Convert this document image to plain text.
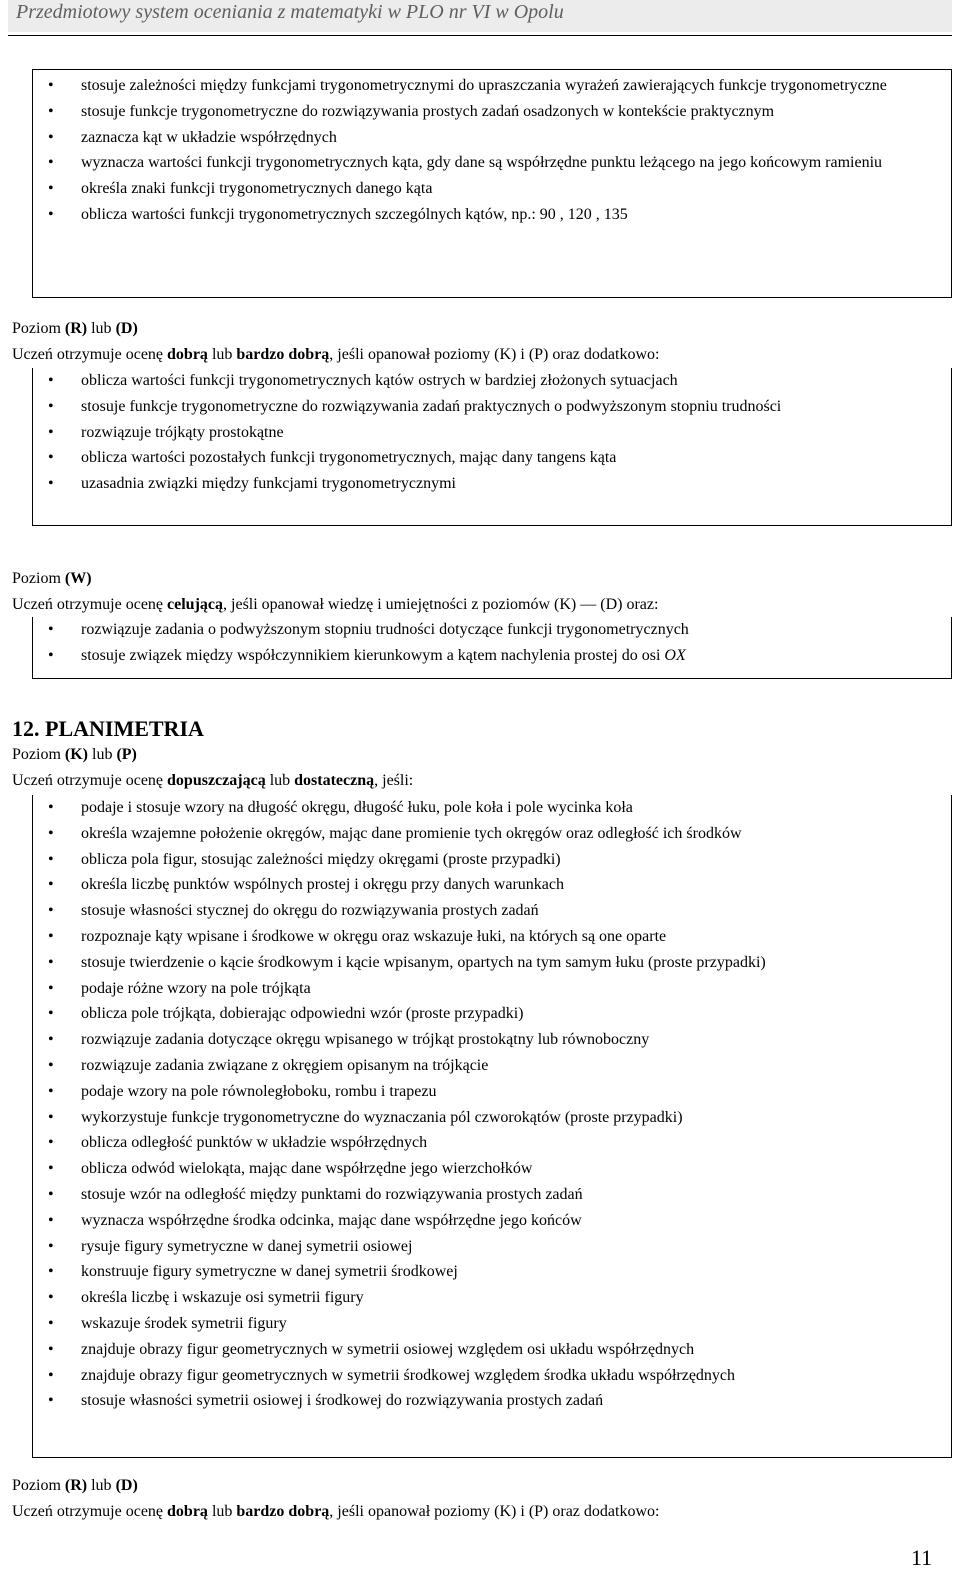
Przedmiotowy system oceniania z matematyki w PLO nr VI w Opolu
• stosuje zależności między funkcjami trygonometrycznymi do upraszczania wyrażeń zawierających funkcje trygonometryczne
• stosuje funkcje trygonometryczne do rozwiązywania prostych zadań osadzonych w kontekście praktycznym
• zaznacza kąt w układzie współrzędnych
• wyznacza wartości funkcji trygonometrycznych kąta, gdy dane są współrzędne punktu leżącego na jego końcowym ramieniu
• określa znaki funkcji trygonometrycznych danego kąta
• oblicza wartości funkcji trygonometrycznych szczególnych kątów, np.: 90 , 120 , 135
Poziom (R) lub (D)
Uczeń otrzymuje ocenę dobrą lub bardzo dobrą, jeśli opanował poziomy (K) i (P) oraz dodatkowo:
• oblicza wartości funkcji trygonometrycznych kątów ostrych w bardziej złożonych sytuacjach
• stosuje funkcje trygonometryczne do rozwiązywania zadań praktycznych o podwyższonym stopniu trudności
• rozwiązuje trójkąty prostokątne
• oblicza wartości pozostałych funkcji trygonometrycznych, mając dany tangens kąta
• uzasadnia związki między funkcjami trygonometrycznymi
Poziom (W)
Uczeń otrzymuje ocenę celującą, jeśli opanował wiedzę i umiejętności z poziomów (K) — (D) oraz:
• rozwiązuje zadania o podwyższonym stopniu trudności dotyczące funkcji trygonometrycznych
• stosuje związek między współczynnikiem kierunkowym a kątem nachylenia prostej do osi OX
12. PLANIMETRIA
Poziom (K) lub (P)
Uczeń otrzymuje ocenę dopuszczającą lub dostateczną, jeśli:
• podaje i stosuje wzory na długość okręgu, długość łuku, pole koła i pole wycinka koła
• określa wzajemne położenie okręgów, mając dane promienie tych okręgów oraz odległość ich środków
• oblicza pola figur, stosując zależności między okręgami (proste przypadki)
• określa liczbę punktów wspólnych prostej i okręgu przy danych warunkach
• stosuje własności stycznej do okręgu do rozwiązywania prostych zadań
• rozpoznaje kąty wpisane i środkowe w okręgu oraz wskazuje łuki, na których są one oparte
• stosuje twierdzenie o kącie środkowym i kącie wpisanym, opartych na tym samym łuku (proste przypadki)
• podaje różne wzory na pole trójkąta
• oblicza pole trójkąta, dobierając odpowiedni wzór (proste przypadki)
• rozwiązuje zadania dotyczące okręgu wpisanego w trójkąt prostokątny lub równoboczny
• rozwiązuje zadania związane z okręgiem opisanym na trójkącie
• podaje wzory na pole równoległoboku, rombu i trapezu
• wykorzystuje funkcje trygonometryczne do wyznaczania pól czworokątów (proste przypadki)
• oblicza odległość punktów w układzie współrzędnych
• oblicza odwód wielokąta, mając dane współrzędne jego wierzchołków
• stosuje wzór na odległość między punktami do rozwiązywania prostych zadań
• wyznacza współrzędne środka odcinka, mając dane współrzędne jego końców
• rysuje figury symetryczne w danej symetrii osiowej
• konstruuje figury symetryczne w danej symetrii środkowej
• określa liczbę i wskazuje osi symetrii figury
• wskazuje środek symetrii figury
• znajduje obrazy figur geometrycznych w symetrii osiowej względem osi układu współrzędnych
• znajduje obrazy figur geometrycznych w symetrii środkowej względem środka układu współrzędnych
• stosuje własności symetrii osiowej i środkowej do rozwiązywania prostych zadań
Poziom (R) lub (D)
Uczeń otrzymuje ocenę dobrą lub bardzo dobrą, jeśli opanował poziomy (K) i (P) oraz dodatkowo:
11
